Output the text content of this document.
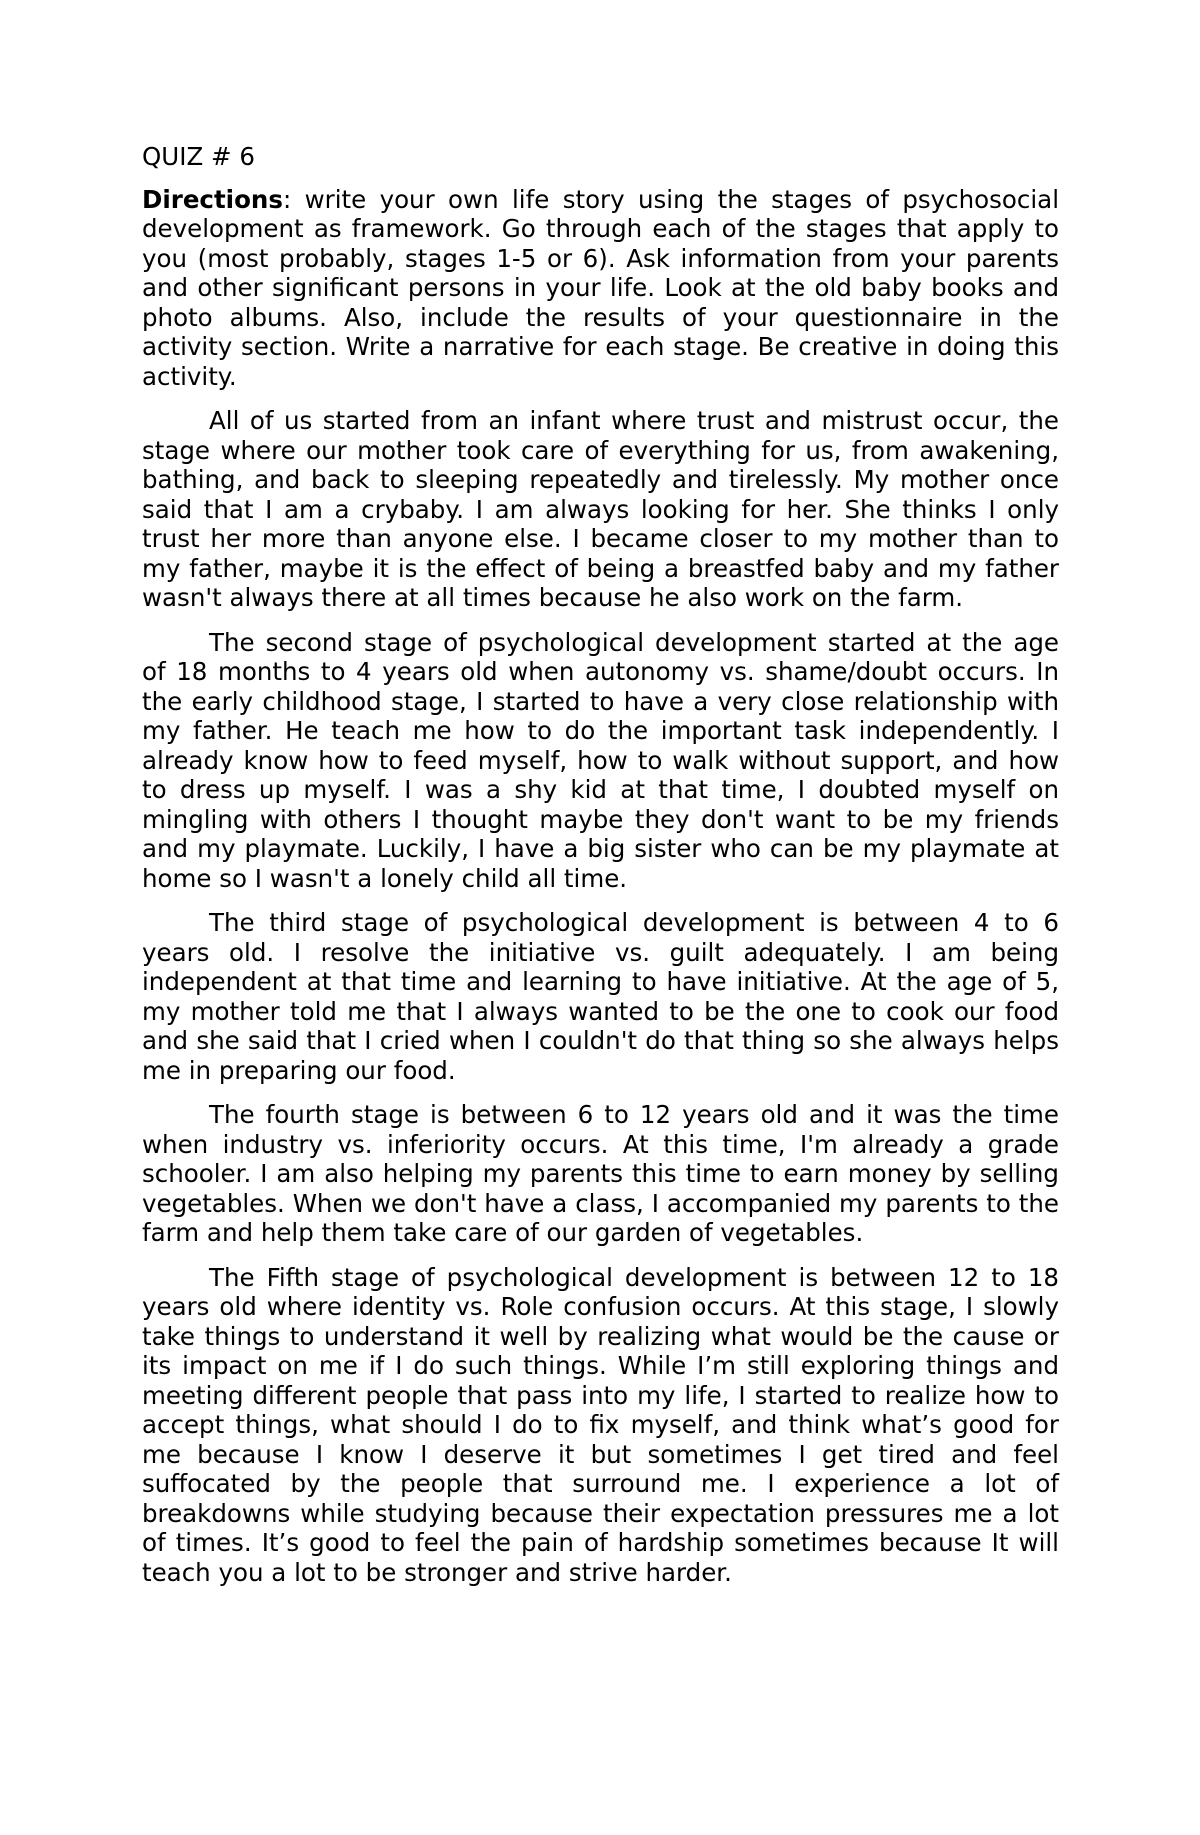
QUIZ # 6

Directions: write your own life story using the stages of psychosocial development as framework. Go through each of the stages that apply to you (most probably, stages 1-5 or 6). Ask information from your parents and other significant persons in your life. Look at the old baby books and photo albums. Also, include the results of your questionnaire in the activity section. Write a narrative for each stage. Be creative in doing this activity.

All of us started from an infant where trust and mistrust occur, the stage where our mother took care of everything for us, from awakening, bathing, and back to sleeping repeatedly and tirelessly. My mother once said that I am a crybaby. I am always looking for her. She thinks I only trust her more than anyone else. I became closer to my mother than to my father, maybe it is the effect of being a breastfed baby and my father wasn't always there at all times because he also work on the farm.

The second stage of psychological development started at the age of 18 months to 4 years old when autonomy vs. shame/doubt occurs. In the early childhood stage, I started to have a very close relationship with my father. He teach me how to do the important task independently. I already know how to feed myself, how to walk without support, and how to dress up myself. I was a shy kid at that time, I doubted myself on mingling with others I thought maybe they don't want to be my friends and my playmate. Luckily, I have a big sister who can be my playmate at home so I wasn't a lonely child all time.

The third stage of psychological development is between 4 to 6 years old. I resolve the initiative vs. guilt adequately. I am being independent at that time and learning to have initiative. At the age of 5, my mother told me that I always wanted to be the one to cook our food and she said that I cried when I couldn't do that thing so she always helps me in preparing our food.

The fourth stage is between 6 to 12 years old and it was the time when industry vs. inferiority occurs. At this time, I'm already a grade schooler. I am also helping my parents this time to earn money by selling vegetables. When we don't have a class, I accompanied my parents to the farm and help them take care of our garden of vegetables.

The Fifth stage of psychological development is between 12 to 18 years old where identity vs. Role confusion occurs. At this stage, I slowly take things to understand it well by realizing what would be the cause or its impact on me if I do such things. While I’m still exploring things and meeting different people that pass into my life, I started to realize how to accept things, what should I do to fix myself, and think what’s good for me because I know I deserve it but sometimes I get tired and feel suffocated by the people that surround me. I experience a lot of breakdowns while studying because their expectation pressures me a lot of times. It’s good to feel the pain of hardship sometimes because It will teach you a lot to be stronger and strive harder.
